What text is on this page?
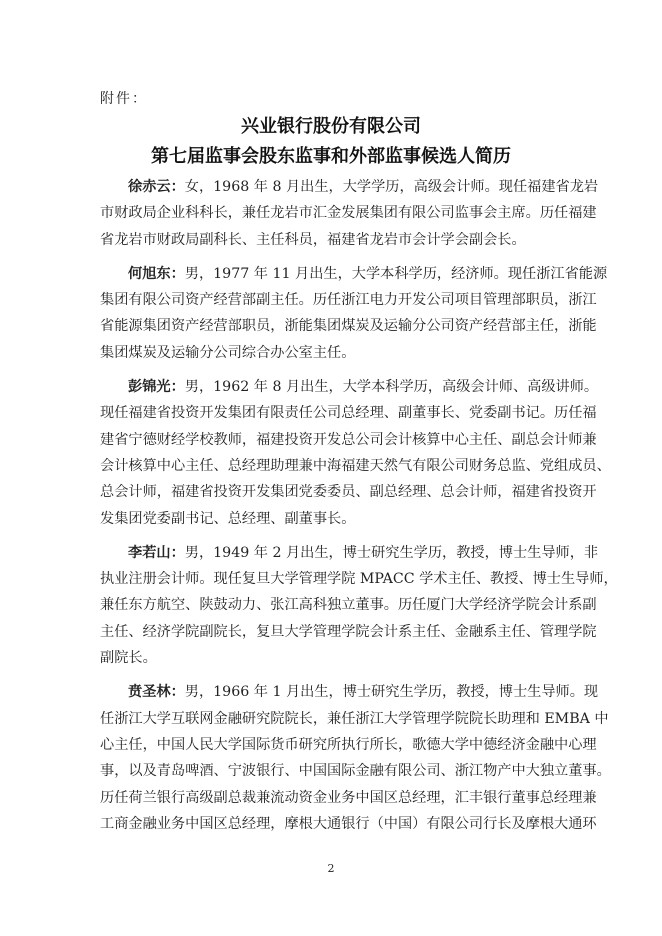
附件：
兴业银行股份有限公司
第七届监事会股东监事和外部监事候选人简历
徐赤云：女，1968 年 8 月出生，大学学历，高级会计师。现任福建省龙岩
市财政局企业科科长，兼任龙岩市汇金发展集团有限公司监事会主席。历任福建
省龙岩市财政局副科长、主任科员，福建省龙岩市会计学会副会长。
何旭东：男，1977 年 11 月出生，大学本科学历，经济师。现任浙江省能源
集团有限公司资产经营部副主任。历任浙江电力开发公司项目管理部职员，浙江
省能源集团资产经营部职员，浙能集团煤炭及运输分公司资产经营部主任，浙能
集团煤炭及运输分公司综合办公室主任。
彭锦光：男，1962 年 8 月出生，大学本科学历，高级会计师、高级讲师。
现任福建省投资开发集团有限责任公司总经理、副董事长、党委副书记。历任福
建省宁德财经学校教师，福建投资开发总公司会计核算中心主任、副总会计师兼
会计核算中心主任、总经理助理兼中海福建天然气有限公司财务总监、党组成员、
总会计师，福建省投资开发集团党委委员、副总经理、总会计师，福建省投资开
发集团党委副书记、总经理、副董事长。
李若山：男，1949 年 2 月出生，博士研究生学历，教授，博士生导师，非
执业注册会计师。现任复旦大学管理学院 MPACC 学术主任、教授、博士生导师，
兼任东方航空、陕鼓动力、张江高科独立董事。历任厦门大学经济学院会计系副
主任、经济学院副院长，复旦大学管理学院会计系主任、金融系主任、管理学院
副院长。
贲圣林：男，1966 年 1 月出生，博士研究生学历，教授，博士生导师。现
任浙江大学互联网金融研究院院长，兼任浙江大学管理学院院长助理和 EMBA 中
心主任，中国人民大学国际货币研究所执行所长，歌德大学中德经济金融中心理
事，以及青岛啤酒、宁波银行、中国国际金融有限公司、浙江物产中大独立董事。
历任荷兰银行高级副总裁兼流动资金业务中国区总经理，汇丰银行董事总经理兼
工商金融业务中国区总经理，摩根大通银行（中国）有限公司行长及摩根大通环
2
